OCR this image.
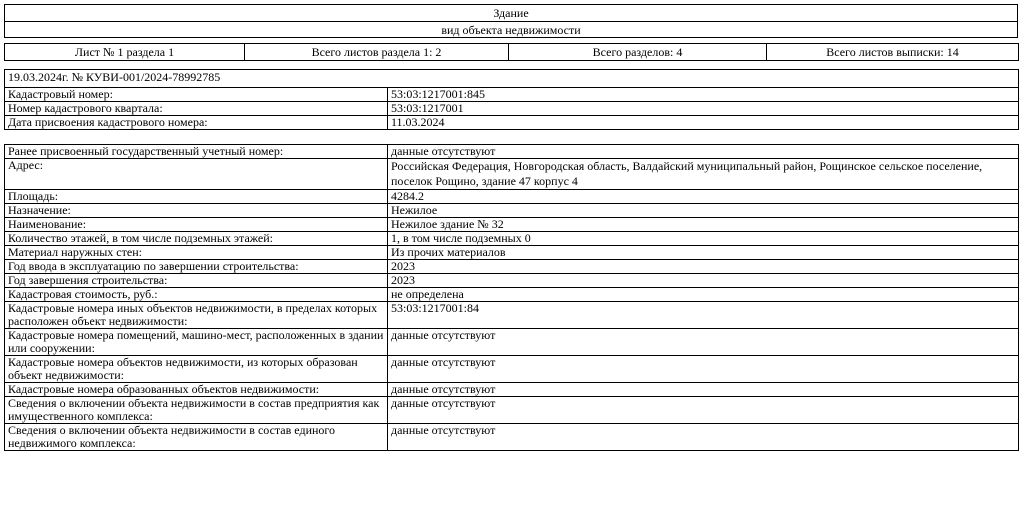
Здание
вид объекта недвижимости
Лист № 1 раздела 1	Всего листов раздела 1: 2	Всего разделов: 4	Всего листов выписки: 14
19.03.2024г. № КУВИ-001/2024-78992785	
Кадастровый номер:	53:03:1217001:845
Номер кадастрового квартала:	53:03:1217001
Дата присвоения кадастрового номера:	11.03.2024
Ранее присвоенный государственный учетный номер:	данные отсутствуют
Адрес:	Российская Федерация, Новгородская область, Валдайский муниципальный район, Рощинское сельское поселение, поселок Рощино, здание 47 корпус 4
Площадь:	4284.2
Назначение:	Нежилое
Наименование:	Нежилое здание № 32
Количество этажей, в том числе подземных этажей:	1, в том числе подземных 0
Материал наружных стен:	Из прочих материалов
Год ввода в эксплуатацию по завершении строительства:	2023
Год завершения строительства:	2023
Кадастровая стоимость, руб.:	не определена
Кадастровые номера иных объектов недвижимости, в пределах которых расположен объект недвижимости:	53:03:1217001:84
Кадастровые номера помещений, машино-мест, расположенных в здании или сооружении:	данные отсутствуют
Кадастровые номера объектов недвижимости, из которых образован объект недвижимости:	данные отсутствуют
Кадастровые номера образованных объектов недвижимости:	данные отсутствуют
Сведения о включении объекта недвижимости в состав предприятия как имущественного комплекса:	данные отсутствуют
Сведения о включении объекта недвижимости в состав единого недвижимого комплекса:	данные отсутствуют
